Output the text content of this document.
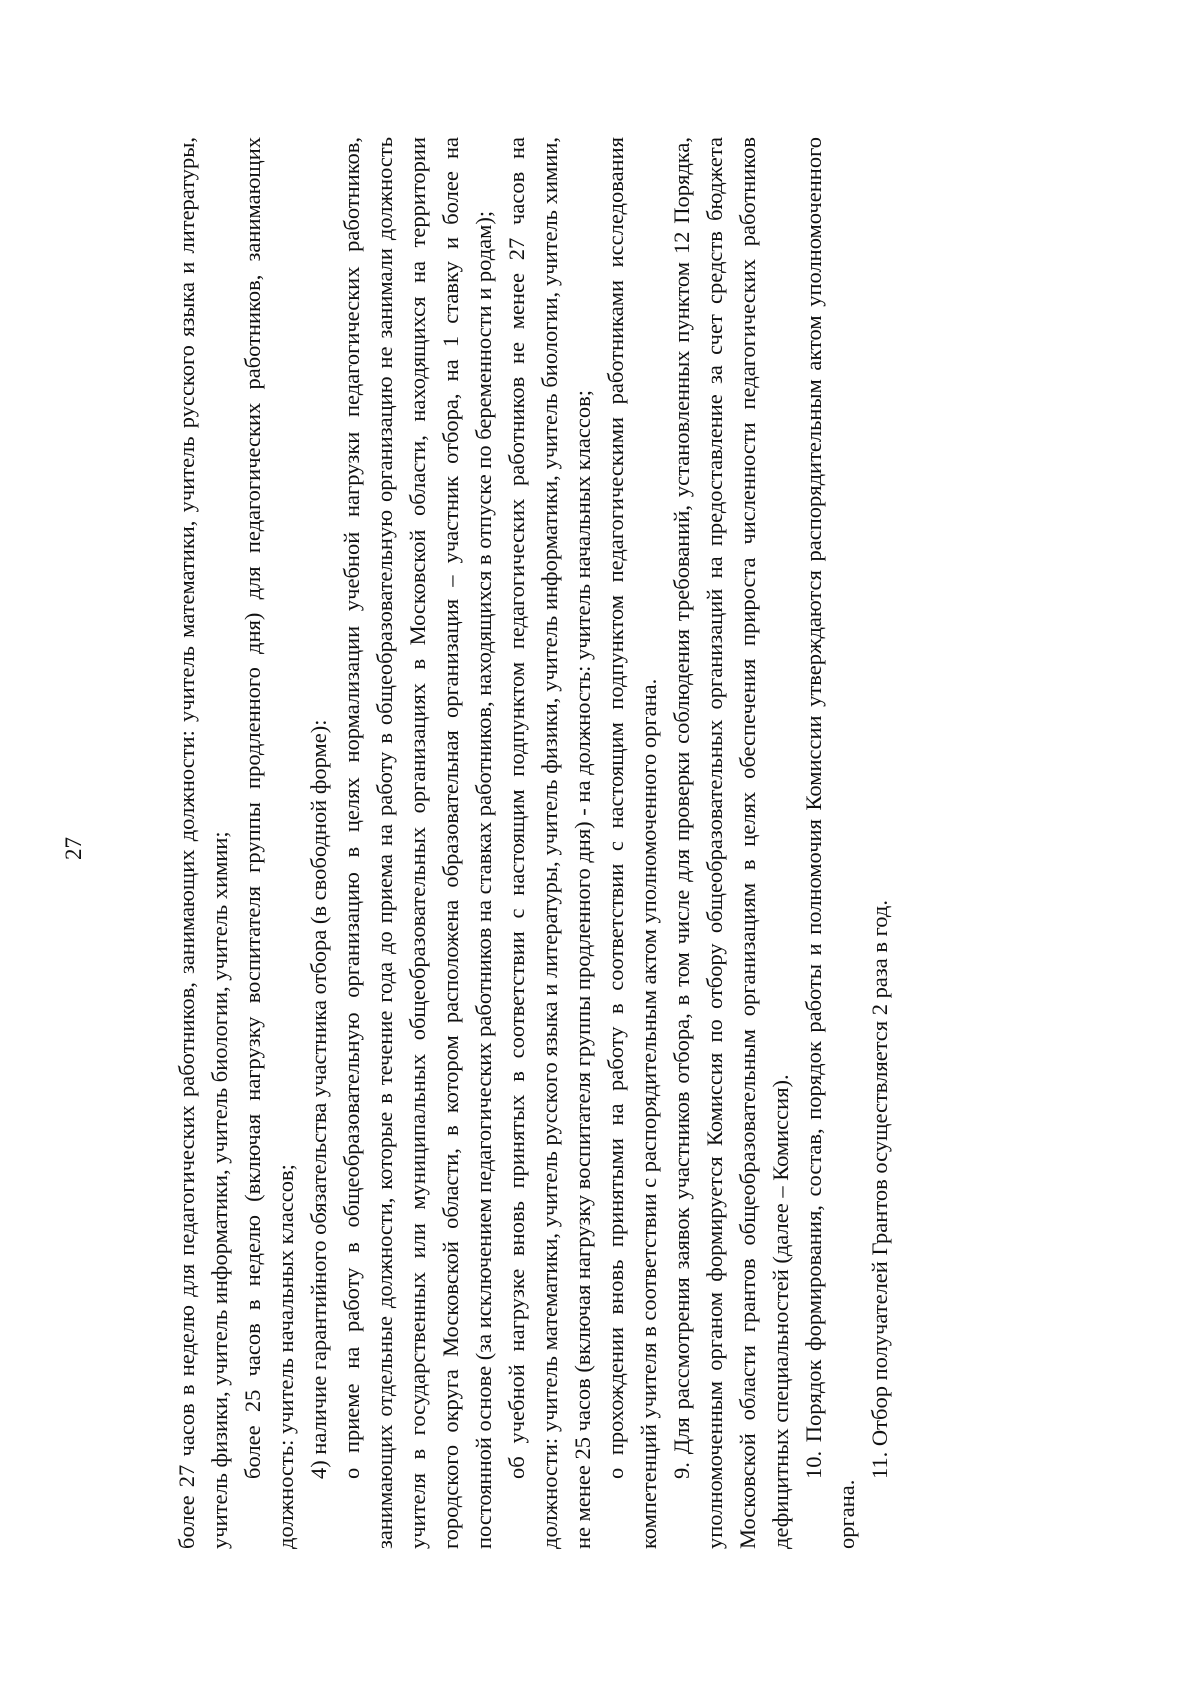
27	более 27 часов в неделю для педагогических работников, занимающих должности: учитель математики, учитель русского языка и литературы, учитель физики, учитель информатики, учитель биологии, учитель химии; более 25 часов в неделю (включая нагрузку воспитателя группы продленного дня) для педагогических работников, занимающих должность: учитель начальных классов; 4) наличие гарантийного обязательства участника отбора (в свободной форме): о приеме на работу в общеобразовательную организацию в целях нормализации учебной нагрузки педагогических работников, занимающих отдельные должности, которые в течение года до приема на работу в общеобразовательную организацию не занимали должность учителя в государственных или муниципальных общеобразовательных организациях в Московской области, находящихся на территории городского округа Московской области, в котором расположена образовательная организация – участник отбора, на 1 ставку и более на постоянной основе (за исключением педагогических работников на ставках работников, находящихся в отпуске по беременности и родам); об учебной нагрузке вновь принятых в соответствии с настоящим подпунктом педагогических работников не менее 27 часов на должности: учитель математики, учитель русского языка и литературы, учитель физики, учитель информатики, учитель биологии, учитель химии, не менее 25 часов (включая нагрузку воспитателя группы продленного дня) - на должность: учитель начальных классов; о прохождении вновь принятыми на работу в соответствии с настоящим подпунктом педагогическими работниками исследования компетенций учителя в соответствии с распорядительным актом уполномоченного органа. 9. Для рассмотрения заявок участников отбора, в том числе для проверки соблюдения требований, установленных пунктом 12 Порядка, уполномоченным органом формируется Комиссия по отбору общеобразовательных организаций на предоставление за счет средств бюджета Московской области грантов общеобразовательным организациям в целях обеспечения прироста численности педагогических работников дефицитных специальностей (далее – Комиссия). 10. Порядок формирования, состав, порядок работы и полномочия Комиссии утверждаются распорядительным актом уполномоченного органа.

11. Отбор получателей Грантов осуществляется 2 раза в год.
